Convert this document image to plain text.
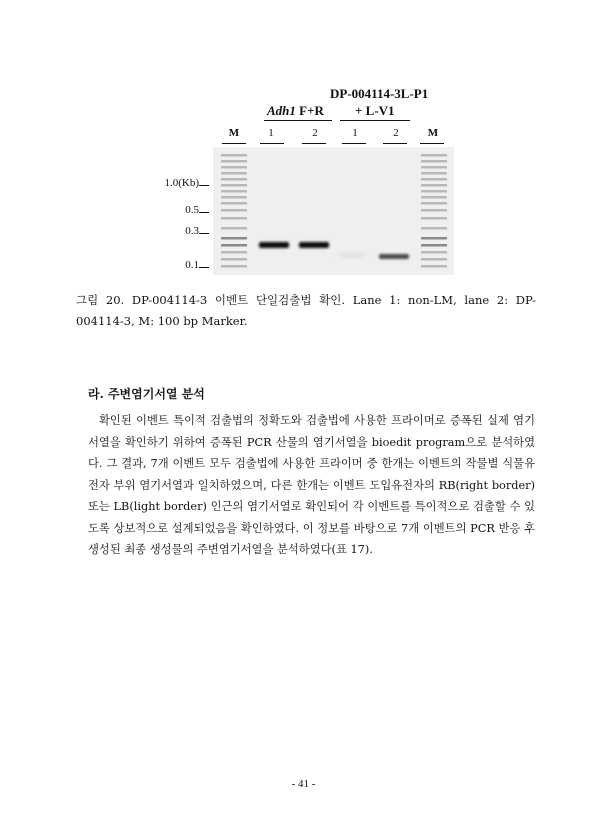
DP-004114-3L-P1
Adh1 F+R + L-V1
M	1	2	1	2	M
1.0(Kb)
0.5
0.3
0.1
그림 20. DP-004114-3 이벤트 단일검출법 확인. Lane 1: non-LM, lane 2: DP-004114-3, M: 100 bp Marker.
라. 주변염기서열 분석

확인된 이벤트 특이적 검출법의 정확도와 검출법에 사용한 프라이머로 증폭된 실제 염기서열을 확인하기 위하여 증폭된 PCR 산물의 염기서열을 bioedit program으로 분석하였다. 그 결과, 7개 이벤트 모두 검출법에 사용한 프라이머 중 한개는 이벤트의 작물별 식물유전자 부위 염기서열과 일치하였으며, 다른 한개는 이벤트 도입유전자의 RB(right border) 또는 LB(light border) 인근의 염기서열로 확인되어 각 이벤트를 특이적으로 검출할 수 있도록 상보적으로 설계되었음을 확인하였다. 이 정보를 바탕으로 7개 이벤트의 PCR 반응 후 생성된 최종 생성물의 주변염기서열을 분석하였다(표 17).

- 41 -
